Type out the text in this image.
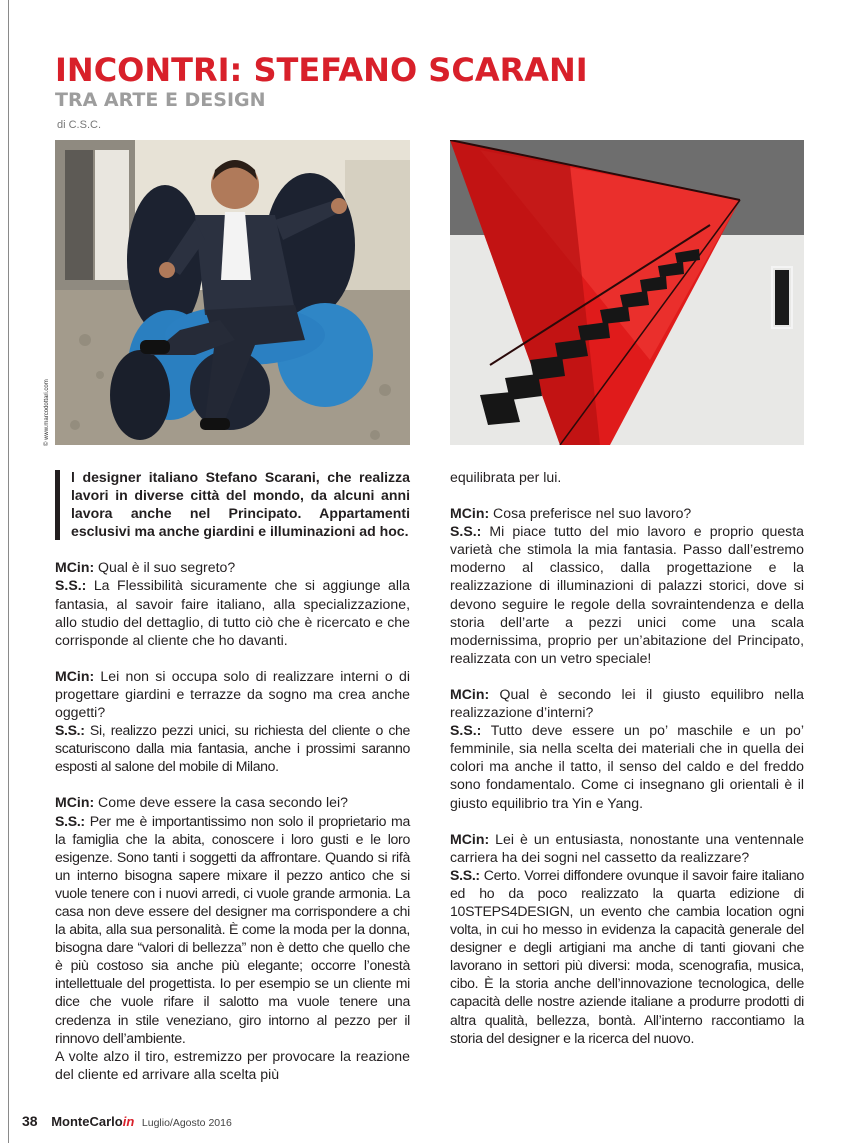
INCONTRI: STEFANO SCARANI
TRA ARTE E DESIGN
di C.S.C.
© www.marcodottari.com

l designer italiano Stefano Scarani, che realizza lavori in diverse città del mondo, da alcuni anni lavora anche nel Principato. Appartamenti esclusivi ma anche giardini e illuminazioni ad hoc.

MCin: Qual è il suo segreto?

S.S.: La Flessibilità sicuramente che si aggiunge alla fantasia, al savoir faire italiano, alla specializzazione, allo studio del dettaglio, di tutto ciò che è ricercato e che corrisponde al cliente che ho davanti.

MCin: Lei non si occupa solo di realizzare interni o di progettare giardini e terrazze da sogno ma crea anche oggetti?

S.S.: Si, realizzo pezzi unici, su richiesta del cliente o che scaturiscono dalla mia fantasia, anche i prossimi saranno esposti al salone del mobile di Milano.

MCin: Come deve essere la casa secondo lei?

S.S.: Per me è importantissimo non solo il proprietario ma la famiglia che la abita, conoscere i loro gusti e le loro esigenze. Sono tanti i soggetti da affrontare. Quando si rifà un interno bisogna sapere mixare il pezzo antico che si vuole tenere con i nuovi arredi, ci vuole grande armonia. La casa non deve essere del designer ma corrispondere a chi la abita, alla sua personalità. È come la moda per la donna, bisogna dare “valori di bellezza” non è detto che quello che è più costoso sia anche più elegante; occorre l’onestà intellettuale del progettista. Io per esempio se un cliente mi dice che vuole rifare il salotto ma vuole tenere una credenza in stile veneziano, giro intorno al pezzo per il rinnovo dell’ambiente.

A volte alzo il tiro, estremizzo per provocare la reazione del cliente ed arrivare alla scelta più

equilibrata per lui.

MCin: Cosa preferisce nel suo lavoro?

S.S.: Mi piace tutto del mio lavoro e proprio questa varietà che stimola la mia fantasia. Passo dall’estremo moderno al classico, dalla progettazione e la realizzazione di illuminazioni di palazzi storici, dove si devono seguire le regole della sovraintendenza e della storia dell’arte a pezzi unici come una scala modernissima, proprio per un’abitazione del Principato, realizzata con un vetro speciale!

MCin: Qual è secondo lei il giusto equilibro nella realizzazione d’interni?

S.S.: Tutto deve essere un po’ maschile e un po’ femminile, sia nella scelta dei materiali che in quella dei colori ma anche il tatto, il senso del caldo e del freddo sono fondamentalo. Come ci insegnano gli orientali è il giusto equilibrio tra Yin e Yang.

MCin: Lei è un entusiasta, nonostante una ventennale carriera ha dei sogni nel cassetto da realizzare?

S.S.: Certo. Vorrei diffondere ovunque il savoir faire italiano ed ho da poco realizzato la quarta edizione di 10STEPS4DESIGN, un evento che cambia location ogni volta, in cui ho messo in evidenza la capacità generale del designer e degli artigiani ma anche di tanti giovani che lavorano in settori più diversi: moda, scenografia, musica, cibo. È la storia anche dell’innovazione tecnologica, delle capacità delle nostre aziende italiane a produrre prodotti di altra qualità, bellezza, bontà. All’interno raccontiamo la storia del designer e la ricerca del nuovo.

38 MonteCarloin Luglio/Agosto 2016
